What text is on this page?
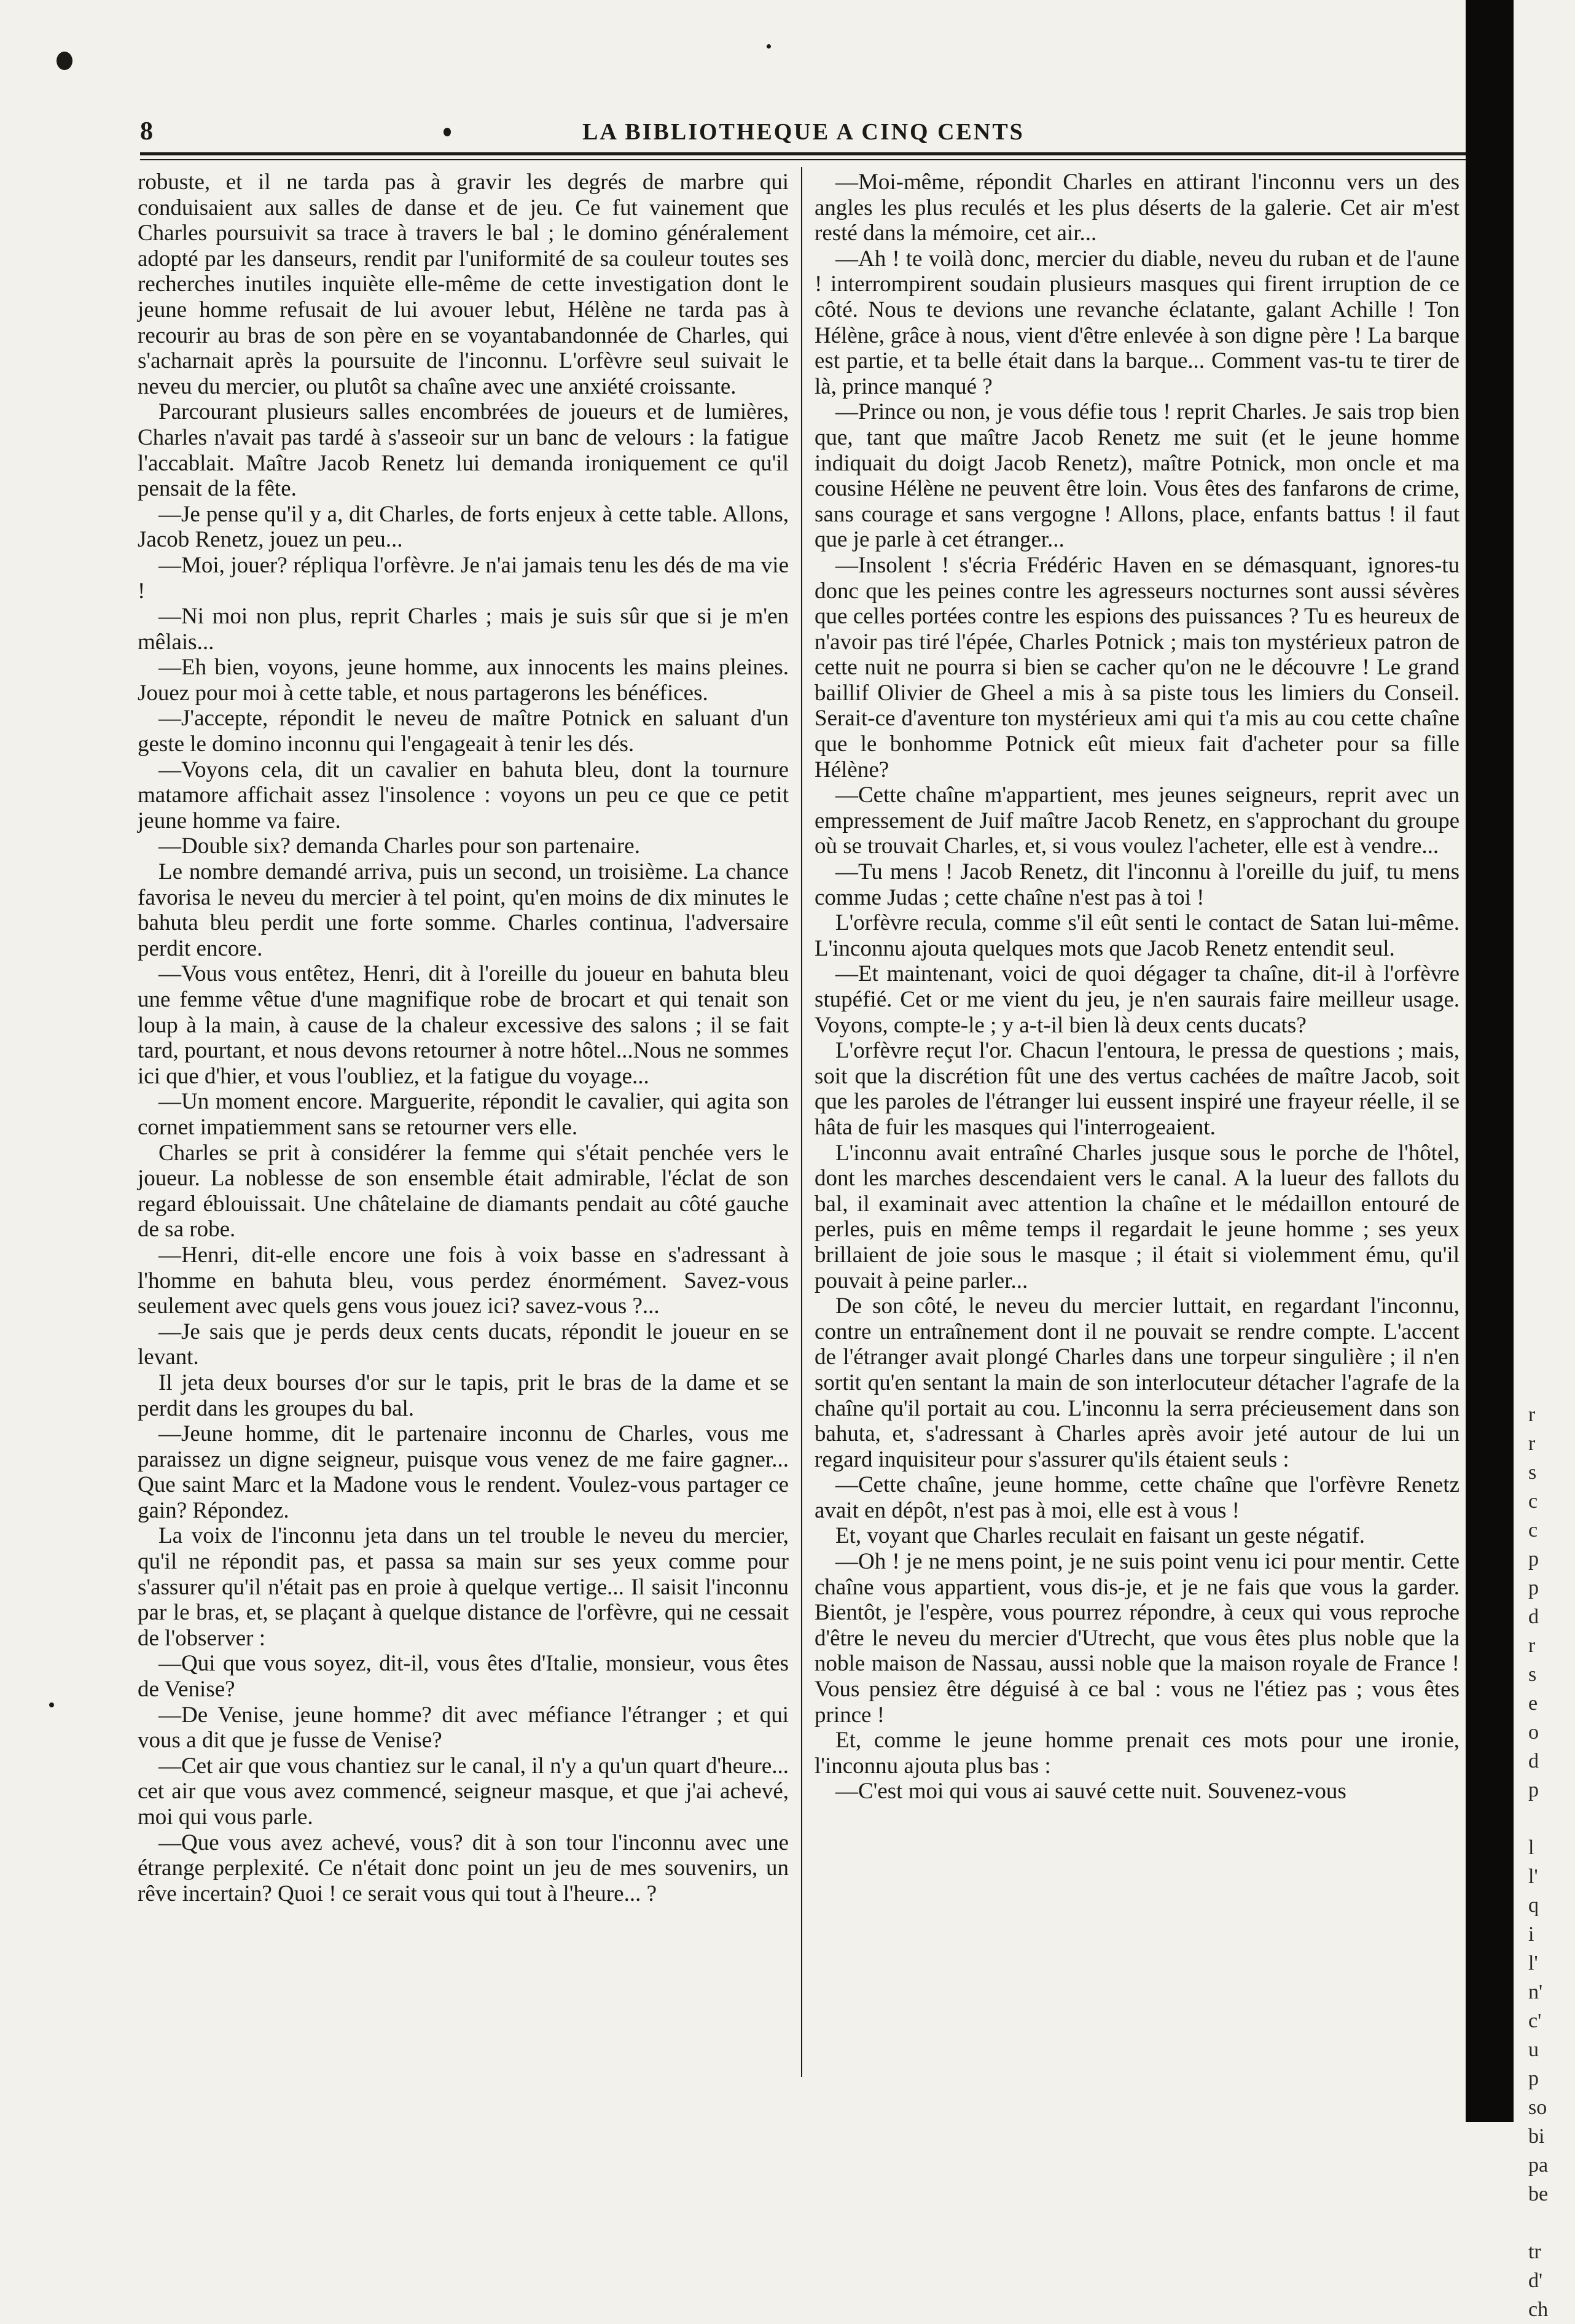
8	LA BIBLIOTHEQUE A CINQ CENTS

robuste, et il ne tarda pas à gravir les degrés de marbre qui conduisaient aux salles de danse et de jeu. Ce fut vainement que Charles poursuivit sa trace à travers le bal ; le domino généralement adopté par les danseurs, rendit par l'uniformité de sa couleur toutes ses recherches inutiles inquiète elle-même de cette investigation dont le jeune homme refusait de lui avouer lebut, Hélène ne tarda pas à recourir au bras de son père en se voyantabandonnée de Charles, qui s'acharnait après la poursuite de l'inconnu. L'orfèvre seul suivait le neveu du mercier, ou plutôt sa chaîne avec une anxiété croissante.

Parcourant plusieurs salles encombrées de joueurs et de lumières, Charles n'avait pas tardé à s'asseoir sur un banc de velours : la fatigue l'accablait. Maître Jacob Renetz lui demanda ironiquement ce qu'il pensait de la fête.

—Je pense qu'il y a, dit Charles, de forts enjeux à cette table. Allons, Jacob Renetz, jouez un peu...

—Moi, jouer? répliqua l'orfèvre. Je n'ai jamais tenu les dés de ma vie !

—Ni moi non plus, reprit Charles ; mais je suis sûr que si je m'en mêlais...

—Eh bien, voyons, jeune homme, aux innocents les mains pleines. Jouez pour moi à cette table, et nous partagerons les bénéfices.

—J'accepte, répondit le neveu de maître Potnick en saluant d'un geste le domino inconnu qui l'engageait à tenir les dés.

—Voyons cela, dit un cavalier en bahuta bleu, dont la tournure matamore affichait assez l'insolence : voyons un peu ce que ce petit jeune homme va faire.

—Double six? demanda Charles pour son partenaire.

Le nombre demandé arriva, puis un second, un troisième. La chance favorisa le neveu du mercier à tel point, qu'en moins de dix minutes le bahuta bleu perdit une forte somme. Charles continua, l'adversaire perdit encore.

—Vous vous entêtez, Henri, dit à l'oreille du joueur en bahuta bleu une femme vêtue d'une magnifique robe de brocart et qui tenait son loup à la main, à cause de la chaleur excessive des salons ; il se fait tard, pourtant, et nous devons retourner à notre hôtel...Nous ne sommes ici que d'hier, et vous l'oubliez, et la fatigue du voyage...

—Un moment encore. Marguerite, répondit le cavalier, qui agita son cornet impatiemment sans se retourner vers elle.

Charles se prit à considérer la femme qui s'était penchée vers le joueur. La noblesse de son ensemble était admirable, l'éclat de son regard éblouissait. Une châtelaine de diamants pendait au côté gauche de sa robe.

—Henri, dit-elle encore une fois à voix basse en s'adressant à l'homme en bahuta bleu, vous perdez énormément. Savez-vous seulement avec quels gens vous jouez ici? savez-vous ?...

—Je sais que je perds deux cents ducats, répondit le joueur en se levant.

Il jeta deux bourses d'or sur le tapis, prit le bras de la dame et se perdit dans les groupes du bal.

—Jeune homme, dit le partenaire inconnu de Charles, vous me paraissez un digne seigneur, puisque vous venez de me faire gagner... Que saint Marc et la Madone vous le rendent. Voulez-vous partager ce gain? Répondez.

La voix de l'inconnu jeta dans un tel trouble le neveu du mercier, qu'il ne répondit pas, et passa sa main sur ses yeux comme pour s'assurer qu'il n'était pas en proie à quelque vertige... Il saisit l'inconnu par le bras, et, se plaçant à quelque distance de l'orfèvre, qui ne cessait de l'observer :

—Qui que vous soyez, dit-il, vous êtes d'Italie, monsieur, vous êtes de Venise?

—De Venise, jeune homme? dit avec méfiance l'étranger ; et qui vous a dit que je fusse de Venise?

—Cet air que vous chantiez sur le canal, il n'y a qu'un quart d'heure... cet air que vous avez commencé, seigneur masque, et que j'ai achevé, moi qui vous parle.

—Que vous avez achevé, vous? dit à son tour l'inconnu avec une étrange perplexité. Ce n'était donc point un jeu de mes souvenirs, un rêve incertain? Quoi ! ce serait vous qui tout à l'heure... ?

—Moi-même, répondit Charles en attirant l'inconnu vers un des angles les plus reculés et les plus déserts de la galerie. Cet air m'est resté dans la mémoire, cet air...

—Ah ! te voilà donc, mercier du diable, neveu du ruban et de l'aune ! interrompirent soudain plusieurs masques qui firent irruption de ce côté. Nous te devions une revanche éclatante, galant Achille ! Ton Hélène, grâce à nous, vient d'être enlevée à son digne père ! La barque est partie, et ta belle était dans la barque... Comment vas-tu te tirer de là, prince manqué ?

—Prince ou non, je vous défie tous ! reprit Charles. Je sais trop bien que, tant que maître Jacob Renetz me suit (et le jeune homme indiquait du doigt Jacob Renetz), maître Potnick, mon oncle et ma cousine Hélène ne peuvent être loin. Vous êtes des fanfarons de crime, sans courage et sans vergogne ! Allons, place, enfants battus ! il faut que je parle à cet étranger...

—Insolent ! s'écria Frédéric Haven en se démasquant, ignores-tu donc que les peines contre les agresseurs nocturnes sont aussi sévères que celles portées contre les espions des puissances ? Tu es heureux de n'avoir pas tiré l'épée, Charles Potnick ; mais ton mystérieux patron de cette nuit ne pourra si bien se cacher qu'on ne le découvre ! Le grand baillif Olivier de Gheel a mis à sa piste tous les limiers du Conseil. Serait-ce d'aventure ton mystérieux ami qui t'a mis au cou cette chaîne que le bonhomme Potnick eût mieux fait d'acheter pour sa fille Hélène?

—Cette chaîne m'appartient, mes jeunes seigneurs, reprit avec un empressement de Juif maître Jacob Renetz, en s'approchant du groupe où se trouvait Charles, et, si vous voulez l'acheter, elle est à vendre...

—Tu mens ! Jacob Renetz, dit l'inconnu à l'oreille du juif, tu mens comme Judas ; cette chaîne n'est pas à toi !

L'orfèvre recula, comme s'il eût senti le contact de Satan lui-même. L'inconnu ajouta quelques mots que Jacob Renetz entendit seul.

—Et maintenant, voici de quoi dégager ta chaîne, dit-il à l'orfèvre stupéfié. Cet or me vient du jeu, je n'en saurais faire meilleur usage. Voyons, compte-le ; y a-t-il bien là deux cents ducats?

L'orfèvre reçut l'or. Chacun l'entoura, le pressa de questions ; mais, soit que la discrétion fût une des vertus cachées de maître Jacob, soit que les paroles de l'étranger lui eussent inspiré une frayeur réelle, il se hâta de fuir les masques qui l'interrogeaient.

L'inconnu avait entraîné Charles jusque sous le porche de l'hôtel, dont les marches descendaient vers le canal. A la lueur des fallots du bal, il examinait avec attention la chaîne et le médaillon entouré de perles, puis en même temps il regardait le jeune homme ; ses yeux brillaient de joie sous le masque ; il était si violemment ému, qu'il pouvait à peine parler...

De son côté, le neveu du mercier luttait, en regardant l'inconnu, contre un entraînement dont il ne pouvait se rendre compte. L'accent de l'étranger avait plongé Charles dans une torpeur singulière ; il n'en sortit qu'en sentant la main de son interlocuteur détacher l'agrafe de la chaîne qu'il portait au cou. L'inconnu la serra précieusement dans son bahuta, et, s'adressant à Charles après avoir jeté autour de lui un regard inquisiteur pour s'assurer qu'ils étaient seuls :

—Cette chaîne, jeune homme, cette chaîne que l'orfèvre Renetz avait en dépôt, n'est pas à moi, elle est à vous !

Et, voyant que Charles reculait en faisant un geste négatif.

—Oh ! je ne mens point, je ne suis point venu ici pour mentir. Cette chaîne vous appartient, vous dis-je, et je ne fais que vous la garder. Bientôt, je l'espère, vous pourrez répondre, à ceux qui vous reproche d'être le neveu du mercier d'Utrecht, que vous êtes plus noble que la noble maison de Nassau, aussi noble que la maison royale de France ! Vous pensiez être déguisé à ce bal : vous ne l'étiez pas ; vous êtes prince !

Et, comme le jeune homme prenait ces mots pour une ironie, l'inconnu ajouta plus bas :

—C'est moi qui vous ai sauvé cette nuit. Souvenez-vous

r
r
s
c
c
p
p
d
r
s
e
o
d
p
l
l'
q
i
l'
n'
c'
u
p
so
bi
pa
be
tr
d'
ch
